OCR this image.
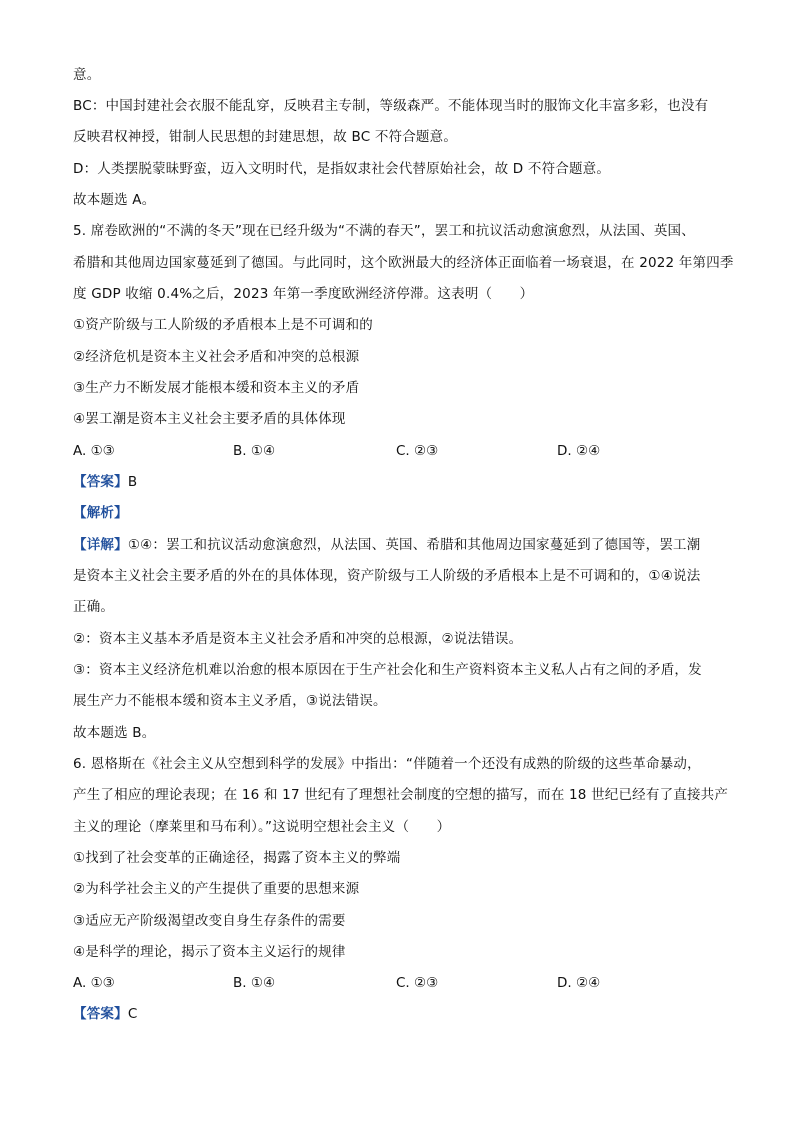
意。
BC：中国封建社会衣服不能乱穿，反映君主专制，等级森严。不能体现当时的服饰文化丰富多彩，也没有
反映君权神授，钳制人民思想的封建思想，故 BC 不符合题意。
D：人类摆脱蒙昧野蛮，迈入文明时代，是指奴隶社会代替原始社会，故 D 不符合题意。
故本题选 A。
5. 席卷欧洲的“不满的冬天”现在已经升级为“不满的春天”，罢工和抗议活动愈演愈烈，从法国、英国、
希腊和其他周边国家蔓延到了德国。与此同时，这个欧洲最大的经济体正面临着一场衰退，在 2022 年第四季
度 GDP 收缩 0.4%之后，2023 年第一季度欧洲经济停滞。这表明（　　）
①资产阶级与工人阶级的矛盾根本上是不可调和的
②经济危机是资本主义社会矛盾和冲突的总根源
③生产力不断发展才能根本缓和资本主义的矛盾
④罢工潮是资本主义社会主要矛盾的具体体现
A. ①③	B. ①④	C. ②③	D. ②④
【答案】B
【解析】
【详解】①④：罢工和抗议活动愈演愈烈，从法国、英国、希腊和其他周边国家蔓延到了德国等，罢工潮
是资本主义社会主要矛盾的外在的具体体现，资产阶级与工人阶级的矛盾根本上是不可调和的，①④说法
正确。
②：资本主义基本矛盾是资本主义社会矛盾和冲突的总根源，②说法错误。
③：资本主义经济危机难以治愈的根本原因在于生产社会化和生产资料资本主义私人占有之间的矛盾，发
展生产力不能根本缓和资本主义矛盾，③说法错误。
故本题选 B。
6. 恩格斯在《社会主义从空想到科学的发展》中指出：“伴随着一个还没有成熟的阶级的这些革命暴动，
产生了相应的理论表现；在 16 和 17 世纪有了理想社会制度的空想的描写，而在 18 世纪已经有了直接共产
主义的理论（摩莱里和马布利）。”这说明空想社会主义（　　）
①找到了社会变革的正确途径，揭露了资本主义的弊端
②为科学社会主义的产生提供了重要的思想来源
③适应无产阶级渴望改变自身生存条件的需要
④是科学的理论，揭示了资本主义运行的规律
A. ①③	B. ①④	C. ②③	D. ②④
【答案】C
